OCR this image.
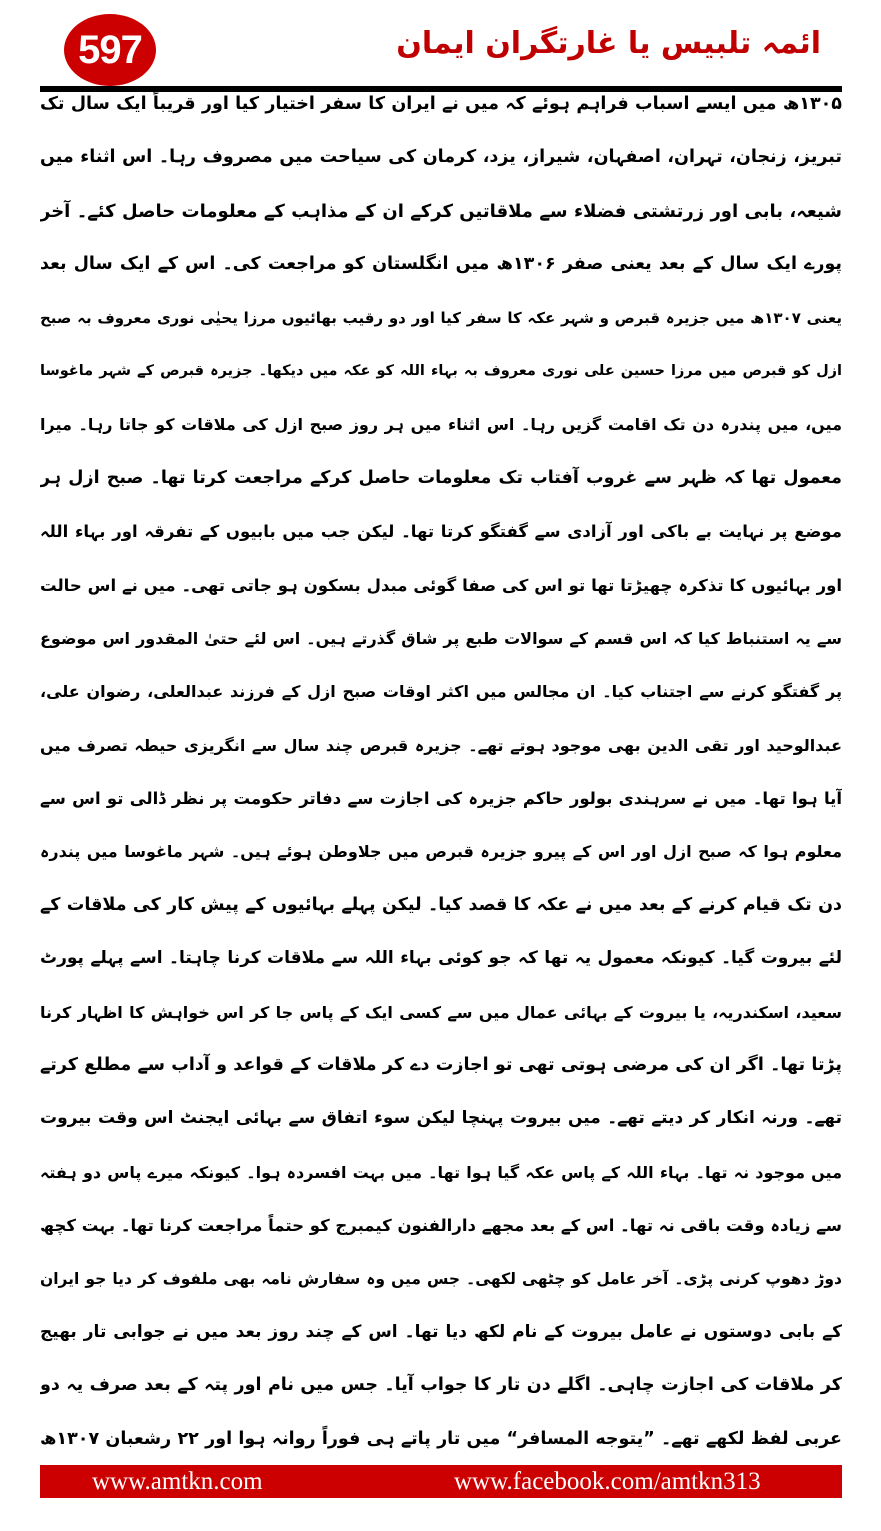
597	ائمہ تلبیس یا غارتگران ایمان
۱۳۰۵ھ میں ایسے اسباب فراہم ہوئے کہ میں نے ایران کا سفر اختیار کیا اور قریباً ایک سال تک
تبریز، زنجان، تہران، اصفہان، شیراز، یزد، کرمان کی سیاحت میں مصروف رہا۔ اس اثناء میں
شیعہ، بابی اور زرتشتی فضلاء سے ملاقاتیں کرکے ان کے مذاہب کے معلومات حاصل کئے۔ آخر
پورے ایک سال کے بعد یعنی صفر ۱۳۰۶ھ میں انگلستان کو مراجعت کی۔ اس کے ایک سال بعد
یعنی ۱۳۰۷ھ میں جزیرہ قبرص و شہر عکہ کا سفر کیا اور دو رقیب بھائیوں مرزا یحیٰی نوری معروف بہ صبح
ازل کو قبرص میں مرزا حسین علی نوری معروف بہ بہاء اللہ کو عکہ میں دیکھا۔ جزیرہ قبرص کے شہر ماغوسا
میں، میں پندرہ دن تک اقامت گزیں رہا۔ اس اثناء میں ہر روز صبح ازل کی ملاقات کو جاتا رہا۔ میرا
معمول تھا کہ ظہر سے غروب آفتاب تک معلومات حاصل کرکے مراجعت کرتا تھا۔ صبح ازل ہر
موضع پر نہایت بے باکی اور آزادی سے گفتگو کرتا تھا۔ لیکن جب میں بابیوں کے تفرقہ اور بہاء اللہ
اور بہائیوں کا تذکرہ چھیڑتا تھا تو اس کی صفا گوئی مبدل بسکون ہو جاتی تھی۔ میں نے اس حالت
سے یہ استنباط کیا کہ اس قسم کے سوالات طبع پر شاق گذرتے ہیں۔ اس لئے حتیٰ المقدور اس موضوع
پر گفتگو کرنے سے اجتناب کیا۔ ان مجالس میں اکثر اوقات صبح ازل کے فرزند عبدالعلی، رضوان علی،
عبدالوحید اور تقی الدین بھی موجود ہوتے تھے۔ جزیرہ قبرص چند سال سے انگریزی حیطہ تصرف میں
آیا ہوا تھا۔ میں نے سرہندی بولور حاکم جزیرہ کی اجازت سے دفاتر حکومت پر نظر ڈالی تو اس سے
معلوم ہوا کہ صبح ازل اور اس کے پیرو جزیرہ قبرص میں جلاوطن ہوئے ہیں۔ شہر ماغوسا میں پندرہ
دن تک قیام کرنے کے بعد میں نے عکہ کا قصد کیا۔ لیکن پہلے بہائیوں کے پیش کار کی ملاقات کے
لئے بیروت گیا۔ کیونکہ معمول یہ تھا کہ جو کوئی بہاء اللہ سے ملاقات کرنا چاہتا۔ اسے پہلے پورٹ
سعید، اسکندریہ، یا بیروت کے بہائی عمال میں سے کسی ایک کے پاس جا کر اس خواہش کا اظہار کرنا
پڑتا تھا۔ اگر ان کی مرضی ہوتی تھی تو اجازت دے کر ملاقات کے قواعد و آداب سے مطلع کرتے
تھے۔ ورنہ انکار کر دیتے تھے۔ میں بیروت پہنچا لیکن سوء اتفاق سے بہائی ایجنٹ اس وقت بیروت
میں موجود نہ تھا۔ بہاء اللہ کے پاس عکہ گیا ہوا تھا۔ میں بہت افسردہ ہوا۔ کیونکہ میرے پاس دو ہفتہ
سے زیادہ وقت باقی نہ تھا۔ اس کے بعد مجھے دارالفنون کیمبرج کو حتماً مراجعت کرنا تھا۔ بہت کچھ
دوڑ دھوپ کرنی پڑی۔ آخر عامل کو چٹھی لکھی۔ جس میں وہ سفارش نامہ بھی ملفوف کر دیا جو ایران
کے بابی دوستوں نے عامل بیروت کے نام لکھ دیا تھا۔ اس کے چند روز بعد میں نے جوابی تار بھیج
کر ملاقات کی اجازت چاہی۔ اگلے دن تار کا جواب آیا۔ جس میں نام اور پتہ کے بعد صرف یہ دو
عربی لفظ لکھے تھے۔ ”یتوجه المسافر“ میں تار پاتے ہی فوراً روانہ ہوا اور ۲۲ رشعبان ۱۳۰۷ھ
www.amtkn.com	www.facebook.com/amtkn313
